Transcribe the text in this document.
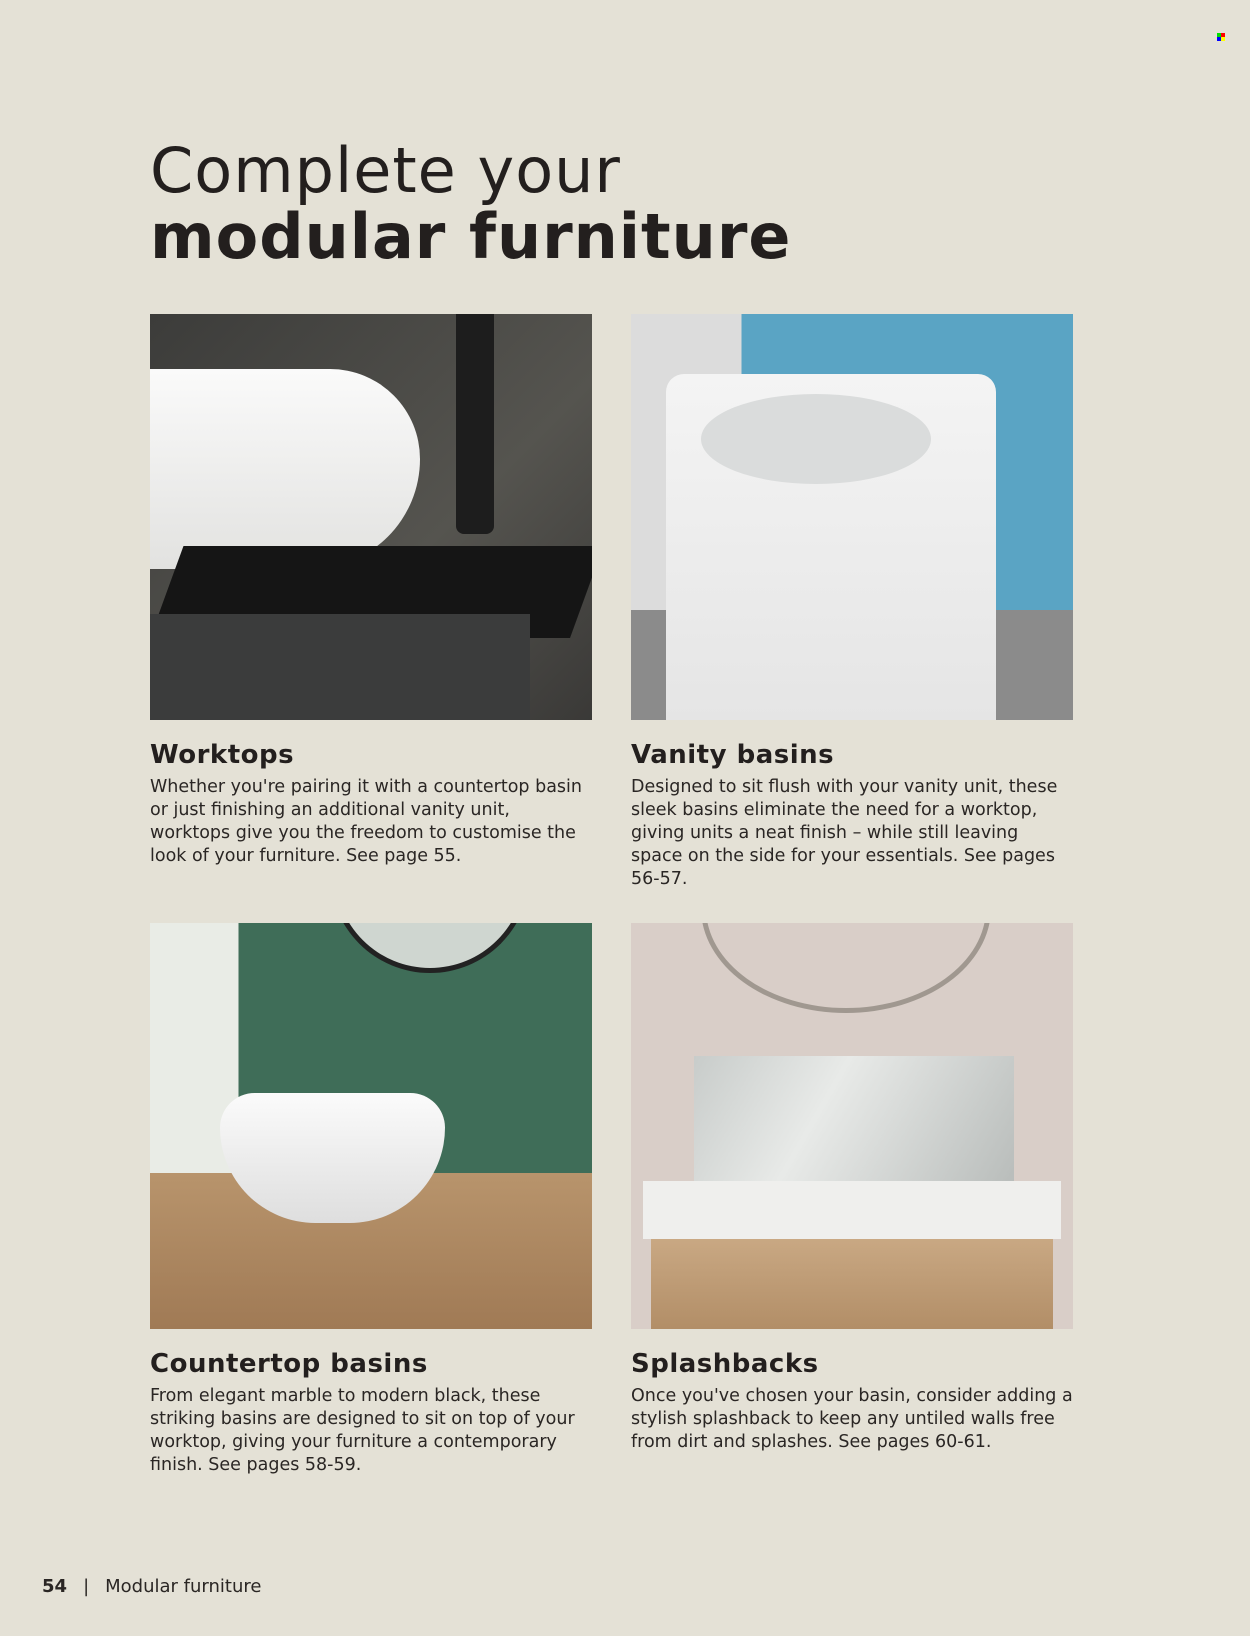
Complete your
modular furniture
Worktops

Whether you're pairing it with a countertop basin or just finishing an additional vanity unit, worktops give you the freedom to customise the look of your furniture. See page 55.

Vanity basins

Designed to sit flush with your vanity unit, these sleek basins eliminate the need for a worktop, giving units a neat finish – while still leaving space on the side for your essentials. See pages 56-57.

Countertop basins

From elegant marble to modern black, these striking basins are designed to sit on top of your worktop, giving your furniture a contemporary finish. See pages 58-59.

Splashbacks

Once you've chosen your basin, consider adding a stylish splashback to keep any untiled walls free from dirt and splashes. See pages 60-61.

54 | Modular furniture
